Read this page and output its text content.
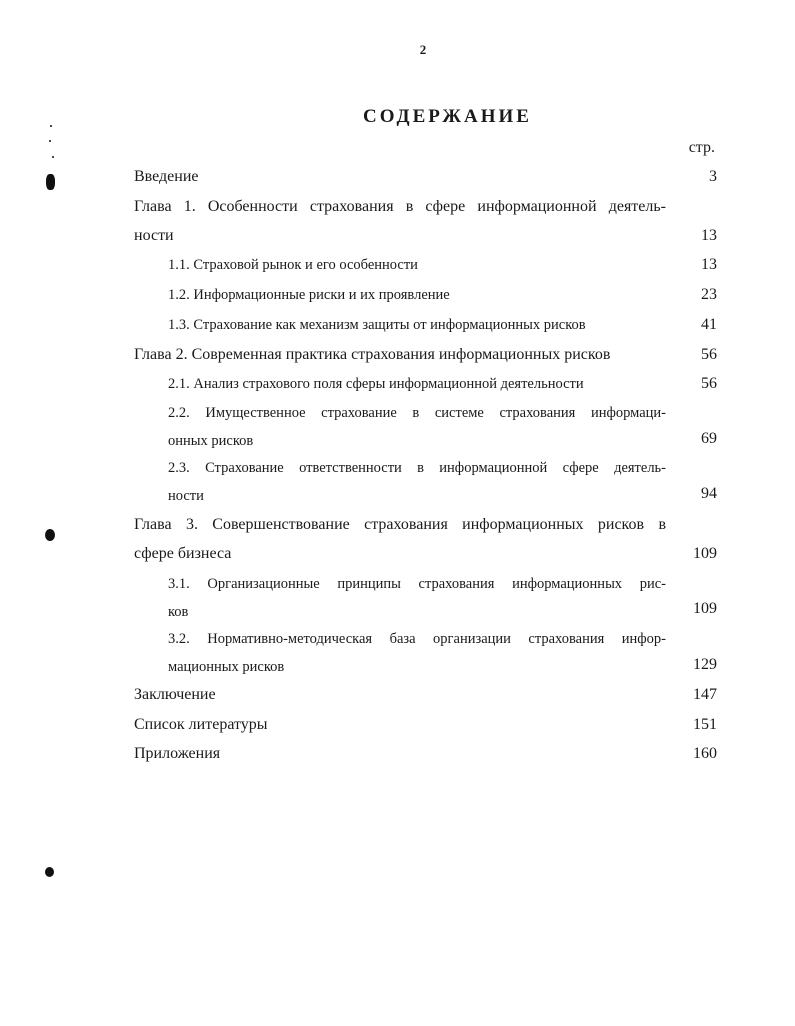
2
СОДЕРЖАНИЕ
стр.
Введение	3
Глава 1. Особенности страхования в сфере информационной деятель-
ности	13
1.1. Страховой рынок и его особенности	13
1.2. Информационные риски и их проявление	23
1.3. Страхование как механизм защиты от информационных рисков	41
Глава 2. Современная практика страхования информационных рисков	56
2.1. Анализ страхового поля сферы информационной деятельности	56
2.2. Имущественное страхование в системе страхования информаци-
онных рисков	69
2.3. Страхование ответственности в информационной сфере деятель-
ности	94
Глава 3. Совершенствование страхования информационных рисков в
сфере бизнеса	109
3.1. Организационные принципы страхования информационных рис-
ков	109
3.2. Нормативно-методическая база организации страхования инфор-
мационных рисков	129
Заключение	147
Список литературы	151
Приложения	160
